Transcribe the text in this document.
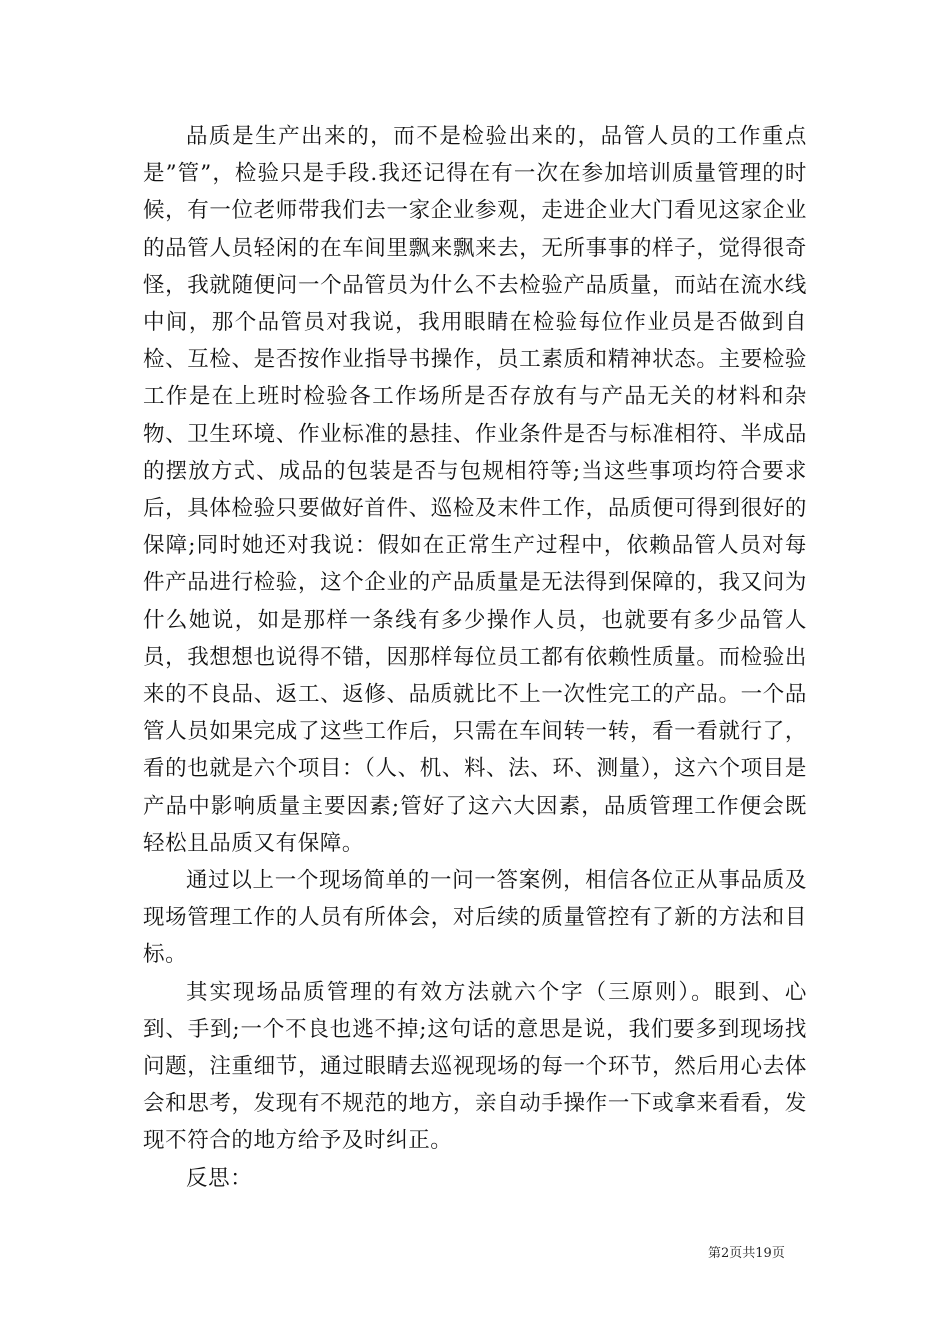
品质是生产出来的，而不是检验出来的，品管人员的工作重点是”管”，检验只是手段.我还记得在有一次在参加培训质量管理的时候，有一位老师带我们去一家企业参观，走进企业大门看见这家企业的品管人员轻闲的在车间里飘来飘来去，无所事事的样子，觉得很奇怪，我就随便问一个品管员为什么不去检验产品质量，而站在流水线中间，那个品管员对我说，我用眼睛在检验每位作业员是否做到自检、互检、是否按作业指导书操作，员工素质和精神状态。主要检验工作是在上班时检验各工作场所是否存放有与产品无关的材料和杂物、卫生环境、作业标准的悬挂、作业条件是否与标准相符、半成品的摆放方式、成品的包装是否与包规相符等;当这些事项均符合要求后，具体检验只要做好首件、巡检及末件工作，品质便可得到很好的保障;同时她还对我说：假如在正常生产过程中，依赖品管人员对每件产品进行检验，这个企业的产品质量是无法得到保障的，我又问为什么她说，如是那样一条线有多少操作人员，也就要有多少品管人员，我想想也说得不错，因那样每位员工都有依赖性质量。而检验出来的不良品、返工、返修、品质就比不上一次性完工的产品。一个品管人员如果完成了这些工作后，只需在车间转一转，看一看就行了，看的也就是六个项目：（人、机、料、法、环、测量），这六个项目是产品中影响质量主要因素;管好了这六大因素，品质管理工作便会既轻松且品质又有保障。

通过以上一个现场简单的一问一答案例，相信各位正从事品质及现场管理工作的人员有所体会，对后续的质量管控有了新的方法和目标。

其实现场品质管理的有效方法就六个字（三原则）。眼到、心到、手到;一个不良也逃不掉;这句话的意思是说，我们要多到现场找问题，注重细节，通过眼睛去巡视现场的每一个环节，然后用心去体会和思考，发现有不规范的地方，亲自动手操作一下或拿来看看，发现不符合的地方给予及时纠正。

反思：

第2页共19页
